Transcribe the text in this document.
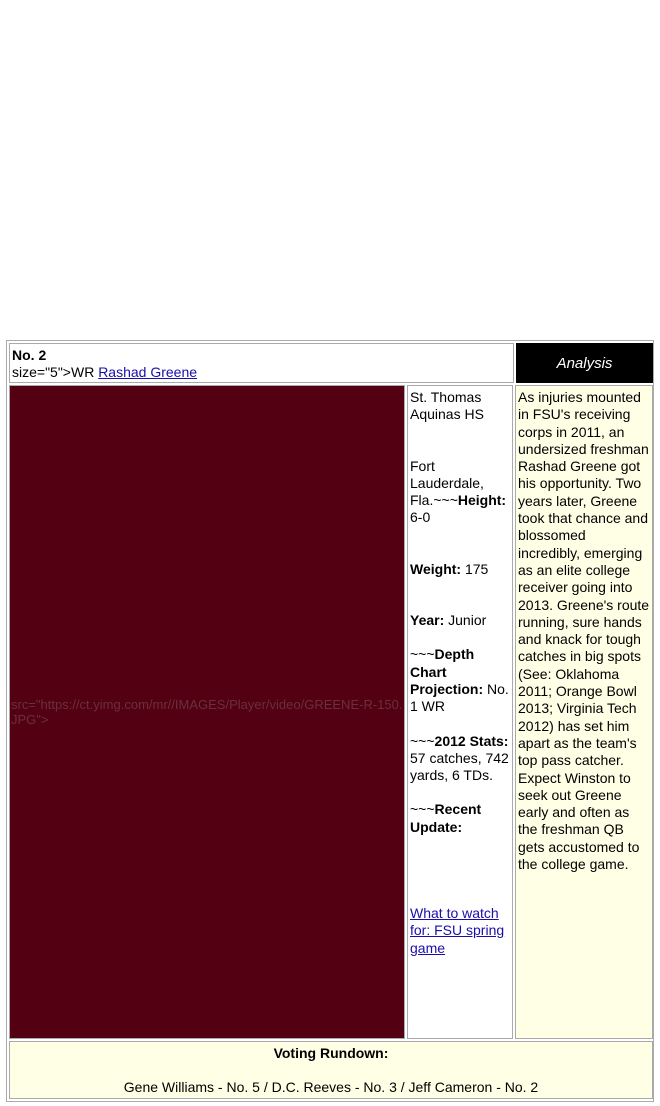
No. 2
size="5">WR Rashad Greene
Analysis
src="https://ct.yimg.com/mr//IMAGES/Player/video/GREENE-R-150.JPG">

St. Thomas Aquinas HS

Fort Lauderdale, Fla.~~~Height: 6-0

Weight: 175

Year: Junior

~~~Depth Chart Projection: No. 1 WR

~~~2012 Stats: 57 catches, 742 yards, 6 TDs.

~~~Recent Update:

What to watch for: FSU spring game

As injuries mounted in FSU's receiving corps in 2011, an undersized freshman Rashad Greene got his opportunity. Two years later, Greene took that chance and blossomed incredibly, emerging as an elite college receiver going into 2013. Greene's route running, sure hands and knack for tough catches in big spots (See: Oklahoma 2011; Orange Bowl 2013; Virginia Tech 2012) has set him apart as the team's top pass catcher. Expect Winston to seek out Greene early and often as the freshman QB gets accustomed to the college game.
Voting Rundown:
Gene Williams - No. 5 / D.C. Reeves - No. 3 / Jeff Cameron - No. 2
